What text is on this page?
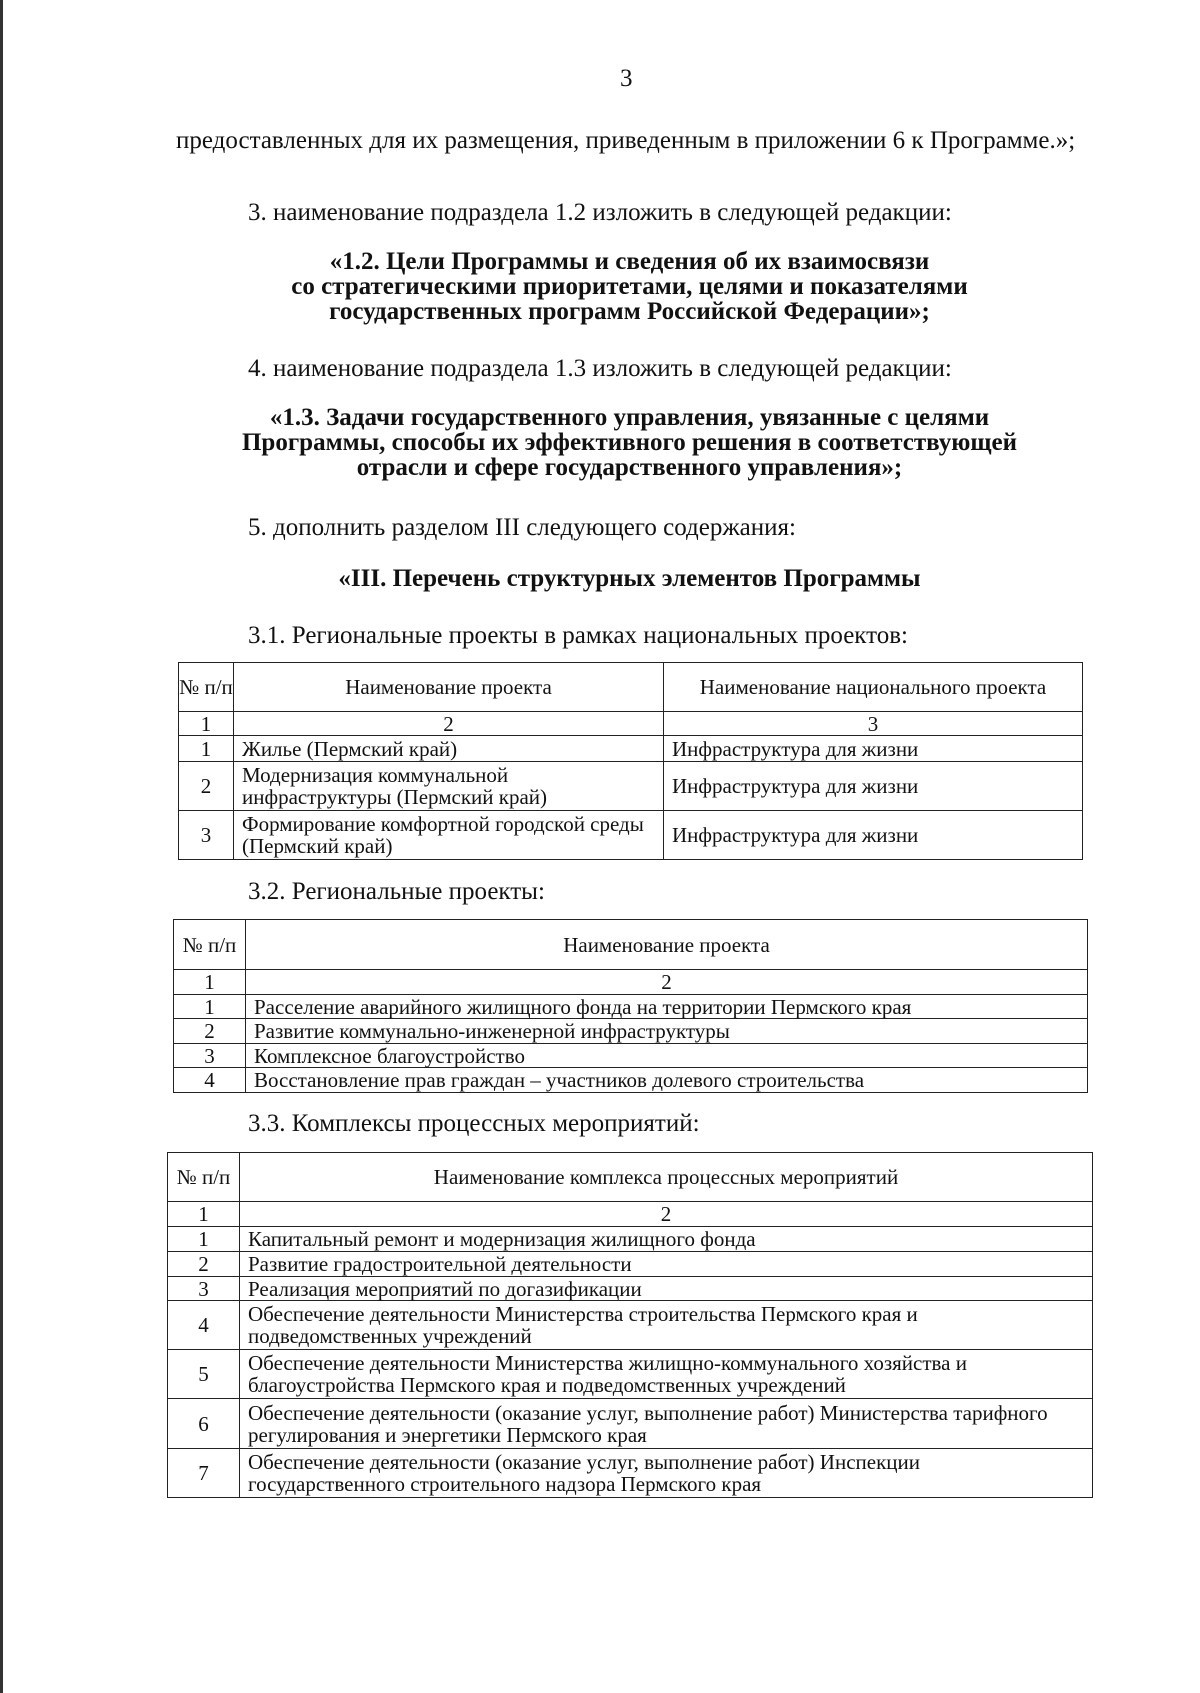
3
предоставленных для их размещения, приведенным в приложении 6 к Программе.»;
3. наименование подраздела 1.2 изложить в следующей редакции:
«1.2. Цели Программы и сведения об их взаимосвязи
со стратегическими приоритетами, целями и показателями
государственных программ Российской Федерации»;
4. наименование подраздела 1.3 изложить в следующей редакции:
«1.3. Задачи государственного управления, увязанные с целями
Программы, способы их эффективного решения в соответствующей
отрасли и сфере государственного управления»;
5. дополнить разделом III следующего содержания:
«III. Перечень структурных элементов Программы
3.1. Региональные проекты в рамках национальных проектов:
№ п/п	Наименование проекта	Наименование национального проекта
1	2	3
1	Жилье (Пермский край)	Инфраструктура для жизни
2	Модернизация коммунальной инфраструктуры (Пермский край)	Инфраструктура для жизни
3	Формирование комфортной городской среды (Пермский край)	Инфраструктура для жизни
3.2. Региональные проекты:
№ п/п	Наименование проекта
1	2
1	Расселение аварийного жилищного фонда на территории Пермского края
2	Развитие коммунально-инженерной инфраструктуры
3	Комплексное благоустройство
4	Восстановление прав граждан – участников долевого строительства
3.3. Комплексы процессных мероприятий:
№ п/п	Наименование комплекса процессных мероприятий
1	2
1	Капитальный ремонт и модернизация жилищного фонда
2	Развитие градостроительной деятельности
3	Реализация мероприятий по догазификации
4	Обеспечение деятельности Министерства строительства Пермского края и подведомственных учреждений
5	Обеспечение деятельности Министерства жилищно-коммунального хозяйства и благоустройства Пермского края и подведомственных учреждений
6	Обеспечение деятельности (оказание услуг, выполнение работ) Министерства тарифного регулирования и энергетики Пермского края
7	Обеспечение деятельности (оказание услуг, выполнение работ) Инспекции государственного строительного надзора Пермского края
